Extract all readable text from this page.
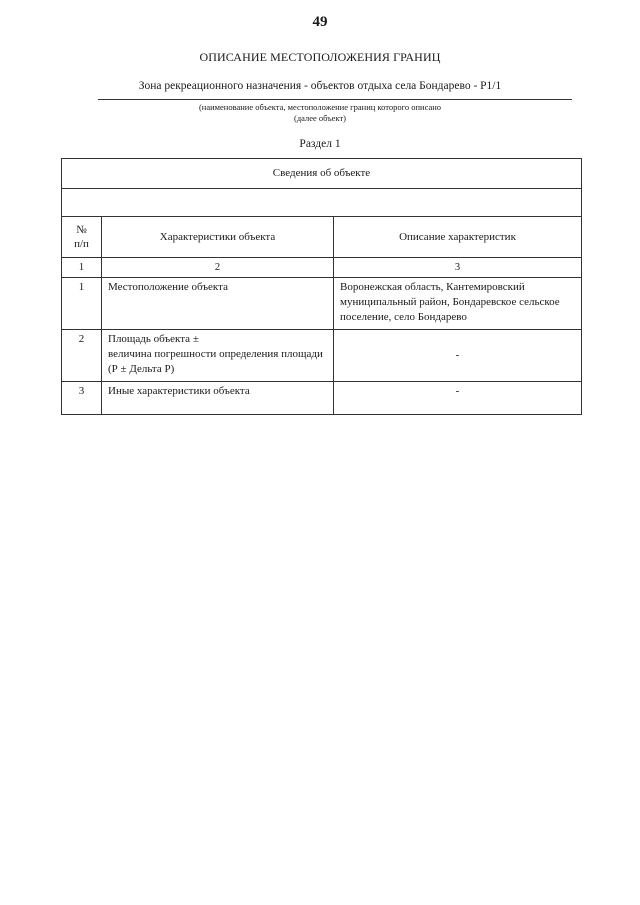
49
ОПИСАНИЕ МЕСТОПОЛОЖЕНИЯ ГРАНИЦ
Зона рекреационного назначения - объектов отдыха села Бондарево - Р1/1
(наименование объекта, местоположение границ которого описано
(далее объект)
Раздел 1
Сведения об объекте		

№
п/п	Характеристики объекта	Описание характеристик
1	2	3
1	Местоположение объекта	Воронежская область, Кантемировский муниципальный район, Бондаревское сельское поселение, село Бондарево
2	Площадь объекта ±
величина погрешности определения площади (Р ± Дельта Р)	-
3	Иные характеристики объекта	-
